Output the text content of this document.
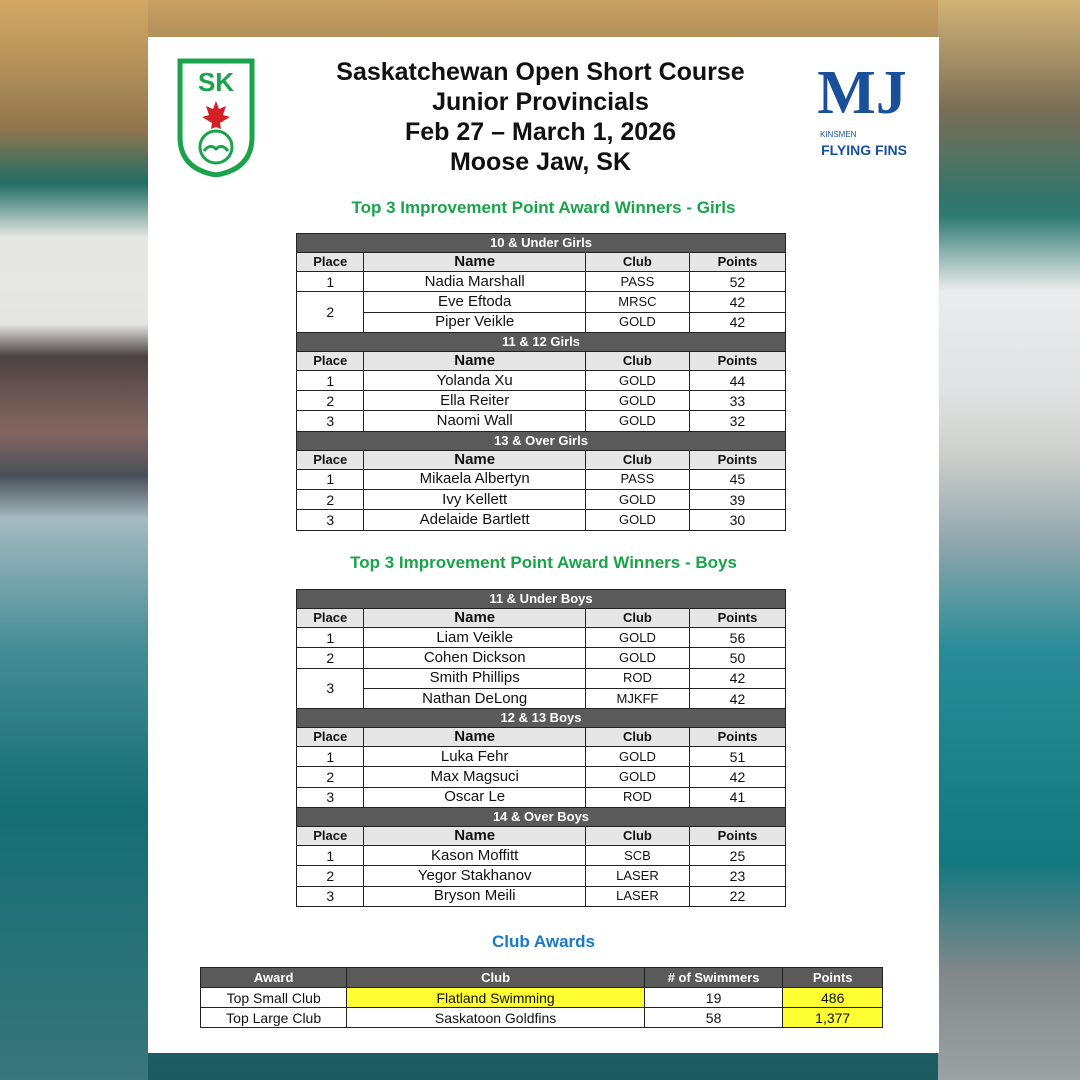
SK	MJ
KINSMEN
FLYING FINS
Saskatchewan Open Short Course
Junior Provincials
Feb 27 – March 1, 2026
Moose Jaw, SK
Top 3 Improvement Point Award Winners - Girls
10 & Under Girls			
Place	Name	Club	Points
1	Nadia Marshall	PASS	52
2	Eve Eftoda	MRSC	42
	Piper Veikle	GOLD	42
11 & 12 Girls			
Place	Name	Club	Points
1	Yolanda Xu	GOLD	44
2	Ella Reiter	GOLD	33
3	Naomi Wall	GOLD	32
13 & Over Girls			
Place	Name	Club	Points
1	Mikaela Albertyn	PASS	45
2	Ivy Kellett	GOLD	39
3	Adelaide Bartlett	GOLD	30
Top 3 Improvement Point Award Winners - Boys
11 & Under Boys			
Place	Name	Club	Points
1	Liam Veikle	GOLD	56
2	Cohen Dickson	GOLD	50
3	Smith Phillips	ROD	42
	Nathan DeLong	MJKFF	42
12 & 13 Boys			
Place	Name	Club	Points
1	Luka Fehr	GOLD	51
2	Max Magsuci	GOLD	42
3	Oscar Le	ROD	41
14 & Over Boys			
Place	Name	Club	Points
1	Kason Moffitt	SCB	25
2	Yegor Stakhanov	LASER	23
3	Bryson Meili	LASER	22
Club Awards
Award	Club	# of Swimmers	Points
Top Small Club	Flatland Swimming	19	486
Top Large Club	Saskatoon Goldfins	58	1,377
